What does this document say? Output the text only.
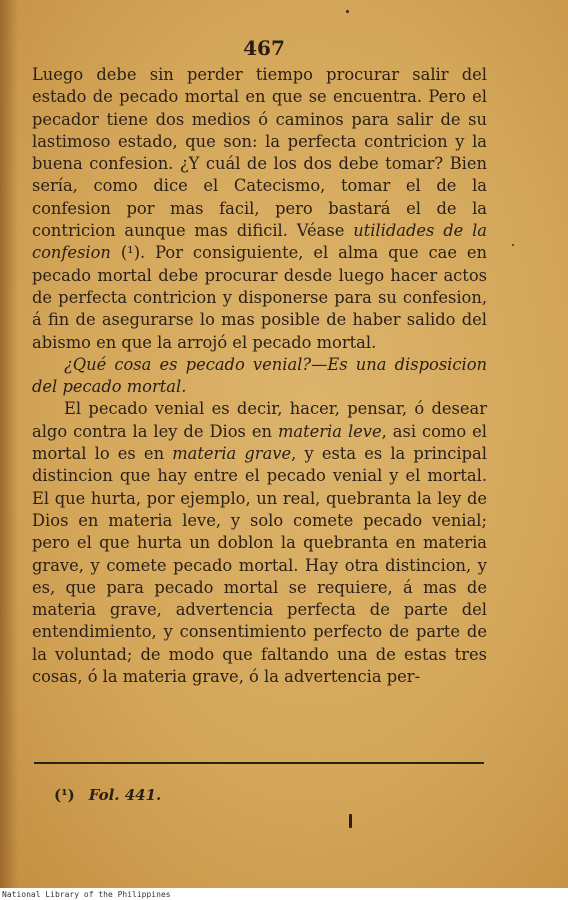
467

Luego debe sin perder tiempo procurar salir del estado de pecado mortal en que se encuentra. Pero el pecador tiene dos medios ó caminos para salir de su lastimoso estado, que son: la perfecta contricion y la buena confesion. ¿Y cuál de los dos debe tomar? Bien sería, como dice el Catecismo, tomar el de la confesion por mas facil, pero bastará el de la contricion aunque mas dificil. Véase utilidades de la confesion (¹). Por consiguiente, el alma que cae en pecado mortal debe procurar desde luego hacer actos de perfecta contricion y disponerse para su confesion, á fin de asegurarse lo mas posible de haber salido del abismo en que la arrojó el pecado mortal.

¿Qué cosa es pecado venial?—Es una disposicion del pecado mortal.

El pecado venial es decir, hacer, pensar, ó desear algo contra la ley de Dios en materia leve, asi como el mortal lo es en materia grave, y esta es la principal distincion que hay entre el pecado venial y el mortal. El que hurta, por ejemplo, un real, quebranta la ley de Dios en materia leve, y solo comete pecado venial; pero el que hurta un doblon la quebranta en materia grave, y comete pecado mortal. Hay otra distincion, y es, que para pecado mortal se requiere, á mas de materia grave, advertencia perfecta de parte del entendimiento, y consentimiento perfecto de parte de la voluntad; de modo que faltando una de estas tres cosas, ó la materia grave, ó la advertencia per-

(¹) Fol. 441.
National Library of the Philippines
